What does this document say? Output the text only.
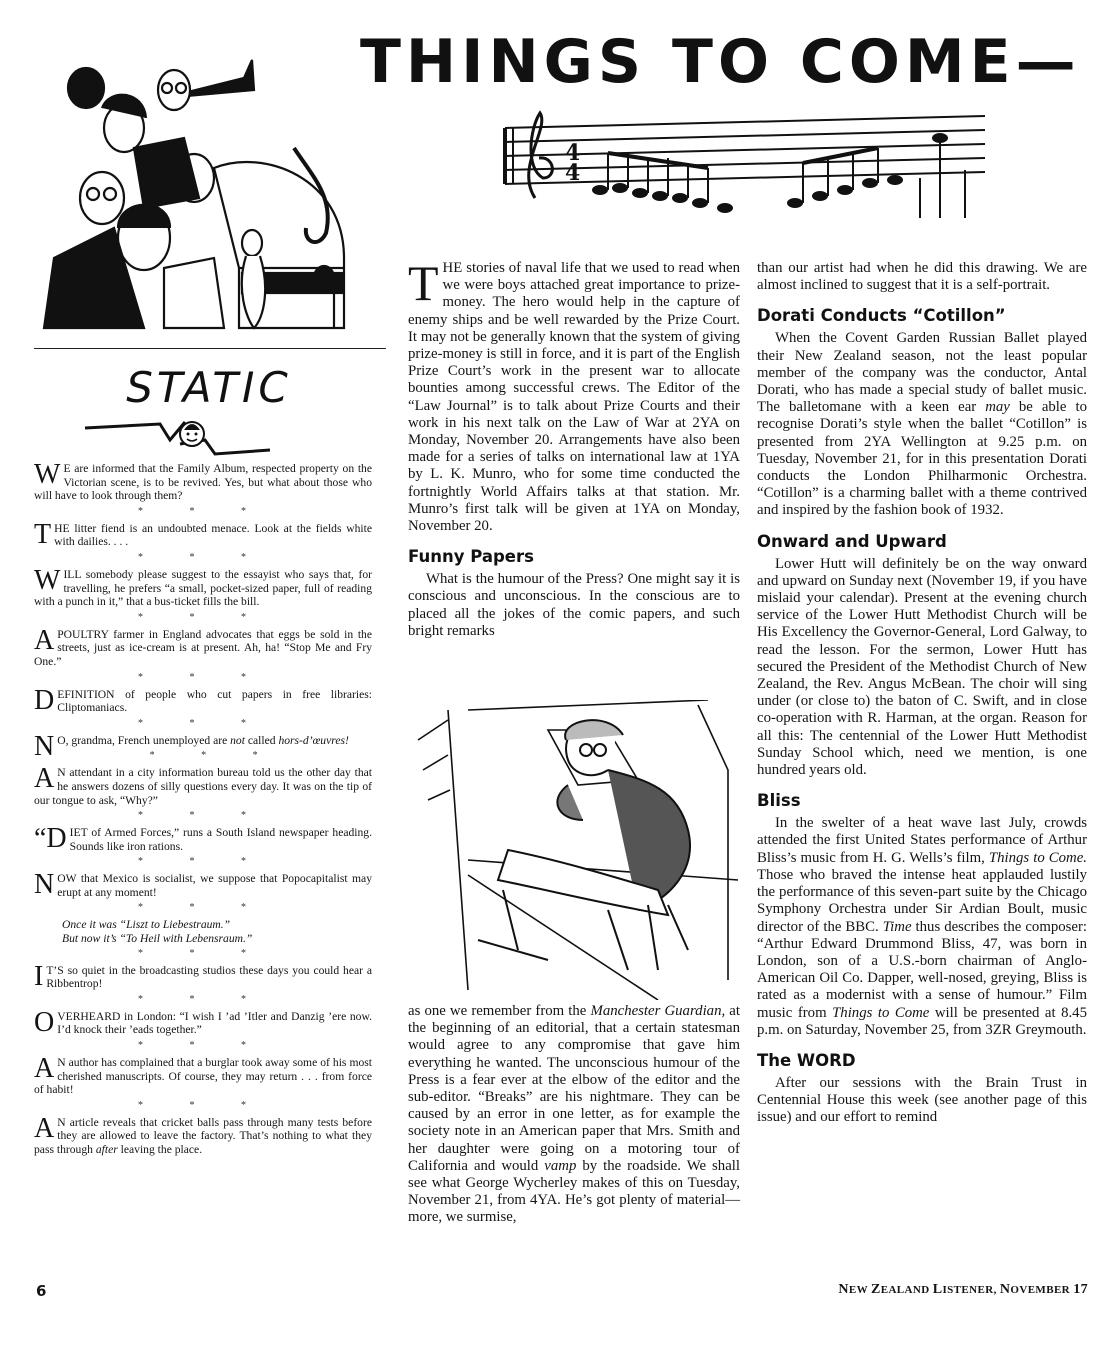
THINGS TO COME—
4
4
STATIC

W E are informed that the Family Album, respected property on the Victorian scene, is to be revived. Yes, but what about those who will have to look through them?

* * *

THE litter fiend is an undoubted menace. Look at the fields white with dailies. . . .

* * *

WILL somebody please suggest to the essayist who says that, for travelling, he prefers “a small, pocket-sized paper, full of reading with a punch in it,” that a bus-ticket fills the bill.

* * *

APOULTRY farmer in England advocates that eggs be sold in the streets, just as ice-cream is at present. Ah, ha! “Stop Me and Fry One.”

* * *

DEFINITION of people who cut papers in free libraries: Cliptomaniacs.

* * *

N O, grandma, French unemployed are not called hors-d’œuvres!

* * *

A N attendant in a city information bureau told us the other day that he answers dozens of silly questions every day. It was on the tip of our tongue to ask, “Why?”

* * *

“DIET of Armed Forces,” runs a South Island newspaper heading. Sounds like iron rations.

* * *

NOW that Mexico is socialist, we suppose that Popocapitalist may erupt at any moment!

* * *

Once it was “Liszt to Liebestraum.”

But now it’s “To Heil with Lebensraum.”

* * *

I T’S so quiet in the broadcasting studios these days you could hear a Ribbentrop!

* * *

OVERHEARD in London: “I wish I ’ad ’Itler and Danzig ’ere now. I’d knock their ’eads together.”

* * *

A N author has complained that a burglar took away some of his most cherished manuscripts. Of course, they may return . . . from force of habit!

* * *

A N article reveals that cricket balls pass through many tests before they are allowed to leave the factory. That’s nothing to what they pass through after leaving the place.

THE stories of naval life that we used to read when we were boys attached great importance to prize-money. The hero would help in the capture of enemy ships and be well rewarded by the Prize Court. It may not be generally known that the system of giving prize-money is still in force, and it is part of the English Prize Court’s work in the present war to allocate bounties among successful crews. The Editor of the “Law Journal” is to talk about Prize Courts and their work in his next talk on the Law of War at 2YA on Monday, November 20. Arrangements have also been made for a series of talks on international law at 1YA by L. K. Munro, who for some time conducted the fortnightly World Affairs talks at that station. Mr. Munro’s first talk will be given at 1YA on Monday, November 20.

Funny Papers

What is the humour of the Press? One might say it is conscious and unconscious. In the conscious are to placed all the jokes of the comic papers, and such bright remarks

as one we remember from the Manchester Guardian, at the beginning of an editorial, that a certain statesman would agree to any compromise that gave him everything he wanted. The unconscious humour of the Press is a fear ever at the elbow of the editor and the sub-editor. “Breaks” are his nightmare. They can be caused by an error in one letter, as for example the society note in an American paper that Mrs. Smith and her daughter were going on a motoring tour of California and would vamp by the roadside. We shall see what George Wycherley makes of this on Tuesday, November 21, from 4YA. He’s got plenty of material—more, we surmise,

than our artist had when he did this drawing. We are almost inclined to suggest that it is a self-portrait.

Dorati Conducts “Cotillon”

When the Covent Garden Russian Ballet played their New Zealand season, not the least popular member of the company was the conductor, Antal Dorati, who has made a special study of ballet music. The balletomane with a keen ear may be able to recognise Dorati’s style when the ballet “Cotillon” is presented from 2YA Wellington at 9.25 p.m. on Tuesday, November 21, for in this presentation Dorati conducts the London Philharmonic Orchestra. “Cotillon” is a charming ballet with a theme contrived and inspired by the fashion book of 1932.

Onward and Upward

Lower Hutt will definitely be on the way onward and upward on Sunday next (November 19, if you have mislaid your calendar). Present at the evening church service of the Lower Hutt Methodist Church will be His Excellency the Governor-General, Lord Galway, to read the lesson. For the sermon, Lower Hutt has secured the President of the Methodist Church of New Zealand, the Rev. Angus McBean. The choir will sing under (or close to) the baton of C. Swift, and in close co-operation with R. Harman, at the organ. Reason for all this: The centennial of the Lower Hutt Methodist Sunday School which, need we mention, is one hundred years old.

Bliss

In the swelter of a heat wave last July, crowds attended the first United States performance of Arthur Bliss’s music from H. G. Wells’s film, Things to Come. Those who braved the intense heat applauded lustily the performance of this seven-part suite by the Chicago Symphony Orchestra under Sir Ardian Boult, music director of the BBC. Time thus describes the composer: “Arthur Edward Drummond Bliss, 47, was born in London, son of a U.S.-born chairman of Anglo-American Oil Co. Dapper, well-nosed, greying, Bliss is rated as a modernist with a sense of humour.” Film music from Things to Come will be presented at 8.45 p.m. on Saturday, November 25, from 3ZR Greymouth.

The WORD

After our sessions with the Brain Trust in Centennial House this week (see another page of this issue) and our effort to remind

6	NEW ZEALAND LISTENER, NOVEMBER 17
